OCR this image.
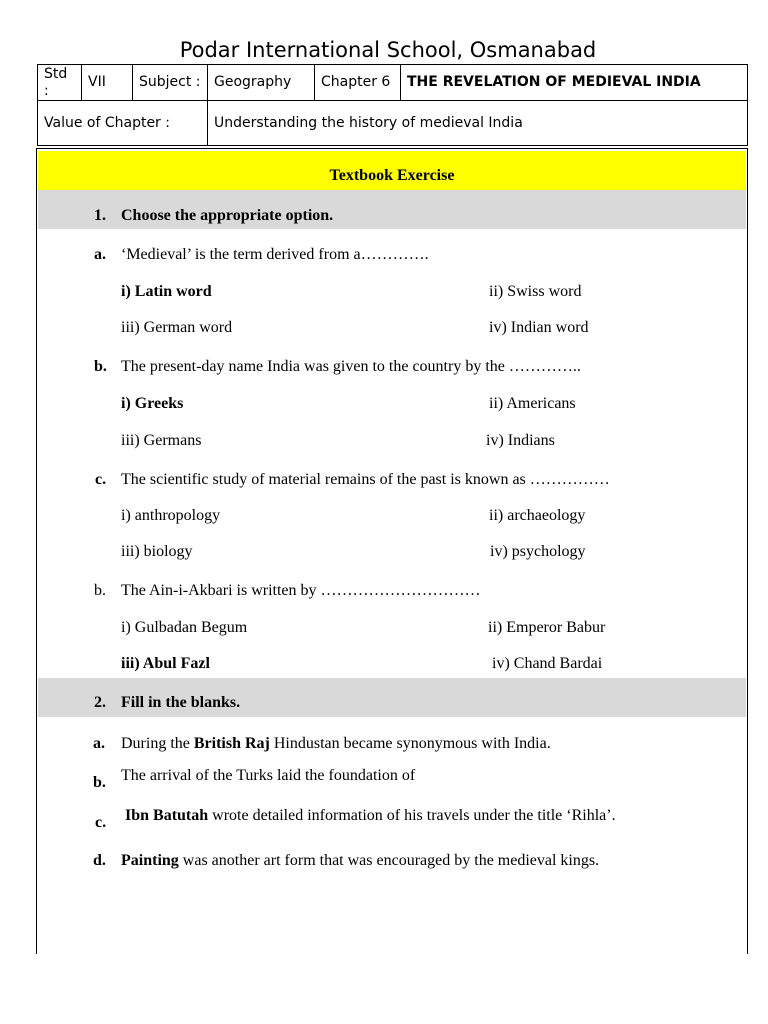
Podar International School, Osmanabad
Std :	VII	Subject :	Geography	Chapter 6	THE REVELATION OF MEDIEVAL INDIA
Value of Chapter :			Understanding the history of medieval India		
Textbook Exercise
1. Choose the appropriate option.
a. ‘Medieval’ is the term derived from a………….
i) Latin word	ii) Swiss word
iii) German word	iv) Indian word
b. The present-day name India was given to the country by the …………..
i) Greeks	ii) Americans
iii) Germans	iv) Indians
c. The scientific study of material remains of the past is known as ……………
i) anthropology	ii) archaeology
iii) biology	iv) psychology
b. The Ain-i-Akbari is written by …………………………
i) Gulbadan Begum	ii) Emperor Babur
iii) Abul Fazl	iv) Chand Bardai
2. Fill in the blanks.
a. During the British Raj Hindustan became synonymous with India.
b. The arrival of the Turks laid the foundation of
c. Ibn Batutah wrote detailed information of his travels under the title ‘Rihla’.
d. Painting was another art form that was encouraged by the medieval kings.
